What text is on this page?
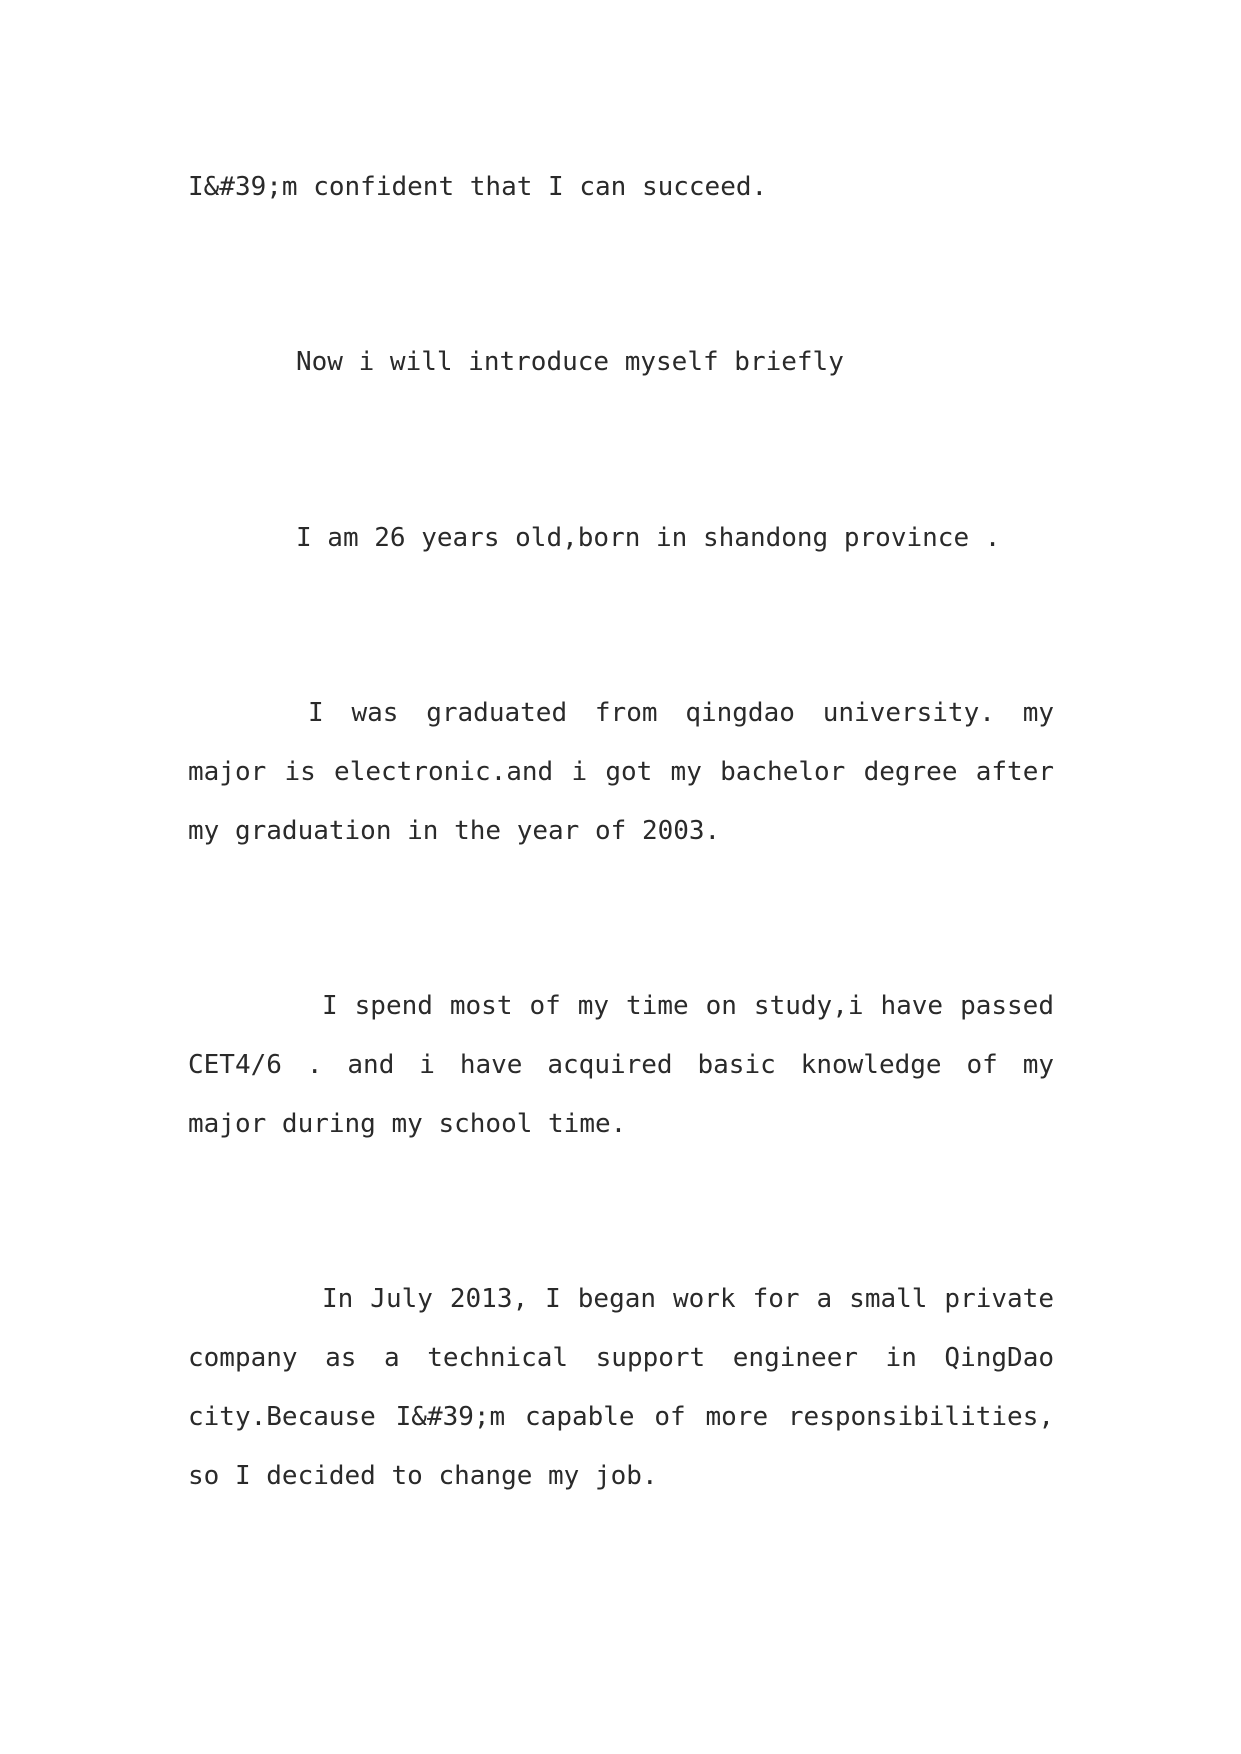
I&#39;m confident that I can succeed.

Now i will introduce myself briefly

I am 26 years old,born in shandong province .

I was graduated from qingdao university. my major is electronic.and i got my bachelor degree after my graduation in the year of 2003.

I spend most of my time on study,i have passed CET4/6 . and i have acquired basic knowledge of my major during my school time.

In July 2013, I began work for a small private company as a technical support engineer in QingDao city.Because I&#39;m capable of more responsibilities, so I decided to change my job.
